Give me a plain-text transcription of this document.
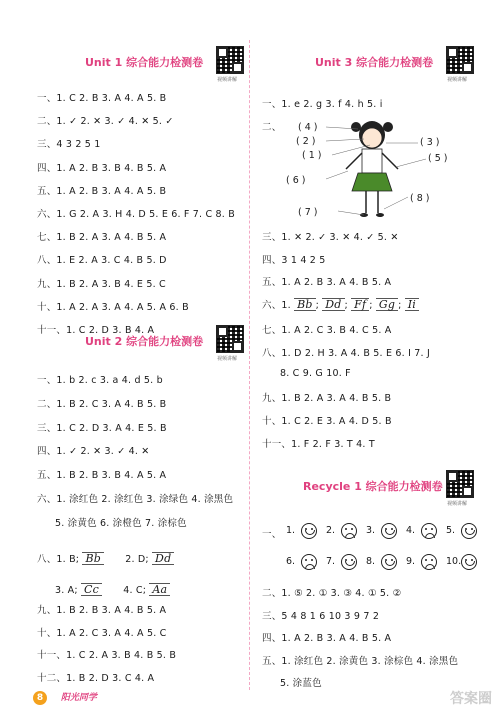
Unit 1 综合能力检测卷
视频讲解
一、1. C 2. B 3. A 4. A 5. B
二、1. ✓ 2. ✕ 3. ✓ 4. ✕ 5. ✓
三、4 3 2 5 1
四、1. A 2. B 3. B 4. B 5. A
五、1. A 2. B 3. A 4. A 5. B
六、1. G 2. A 3. H 4. D 5. E 6. F 7. C 8. B
七、1. B 2. A 3. A 4. B 5. A
八、1. E 2. A 3. C 4. B 5. D
九、1. B 2. A 3. B 4. E 5. C
十、1. A 2. A 3. A 4. A 5. A 6. B
十一、1. C 2. D 3. B 4. A
Unit 2 综合能力检测卷
视频讲解
一、1. b 2. c 3. a 4. d 5. b
二、1. B 2. C 3. A 4. B 5. B
三、1. C 2. D 3. A 4. E 5. B
四、1. ✓ 2. ✕ 3. ✓ 4. ✕
五、1. B 2. B 3. B 4. A 5. A
六、1. 涂红色 2. 涂红色 3. 涂绿色 4. 涂黑色
5. 涂黄色 6. 涂橙色 7. 涂棕色
八、1. B; Bb	2. D; Dd
3. A; Cc	4. C; Aa
九、1. B 2. B 3. A 4. B 5. A
十、1. A 2. C 3. A 4. A 5. C
十一、1. C 2. A 3. B 4. B 5. B
十二、1. B 2. D 3. C 4. A
Unit 3 综合能力检测卷
视频讲解
一、1. e 2. g 3. f 4. h 5. i
二、 ( 4 )
( 2 )
( 1 )
( 3 )
( 5 )
( 6 )
( 8 )
( 7 )
三、1. ✕ 2. ✓ 3. ✕ 4. ✓ 5. ✕
四、3 1 4 2 5
五、1. A 2. B 3. A 4. B 5. A
六、1. Bb ; Dd ; Ff ; Gg ; Ii
七、1. A 2. C 3. B 4. C 5. A
八、1. D 2. H 3. A 4. B 5. E 6. I 7. J
8. C 9. G 10. F
九、1. B 2. A 3. A 4. B 5. B
十、1. C 2. E 3. A 4. D 5. B
十一、1. F 2. F 3. T 4. T
Recycle 1 综合能力检测卷
视频讲解
一、 1.	2.	3.	4.	5.
6.	7.	8.	9.	10.
二、1. ⑤ 2. ① 3. ③ 4. ① 5. ②
三、5 4 8 1 6 10 3 9 7 2
四、1. A 2. B 3. A 4. B 5. A
五、1. 涂红色 2. 涂黄色 3. 涂棕色 4. 涂黑色
5. 涂蓝色
8 阳光同学	答案圈
